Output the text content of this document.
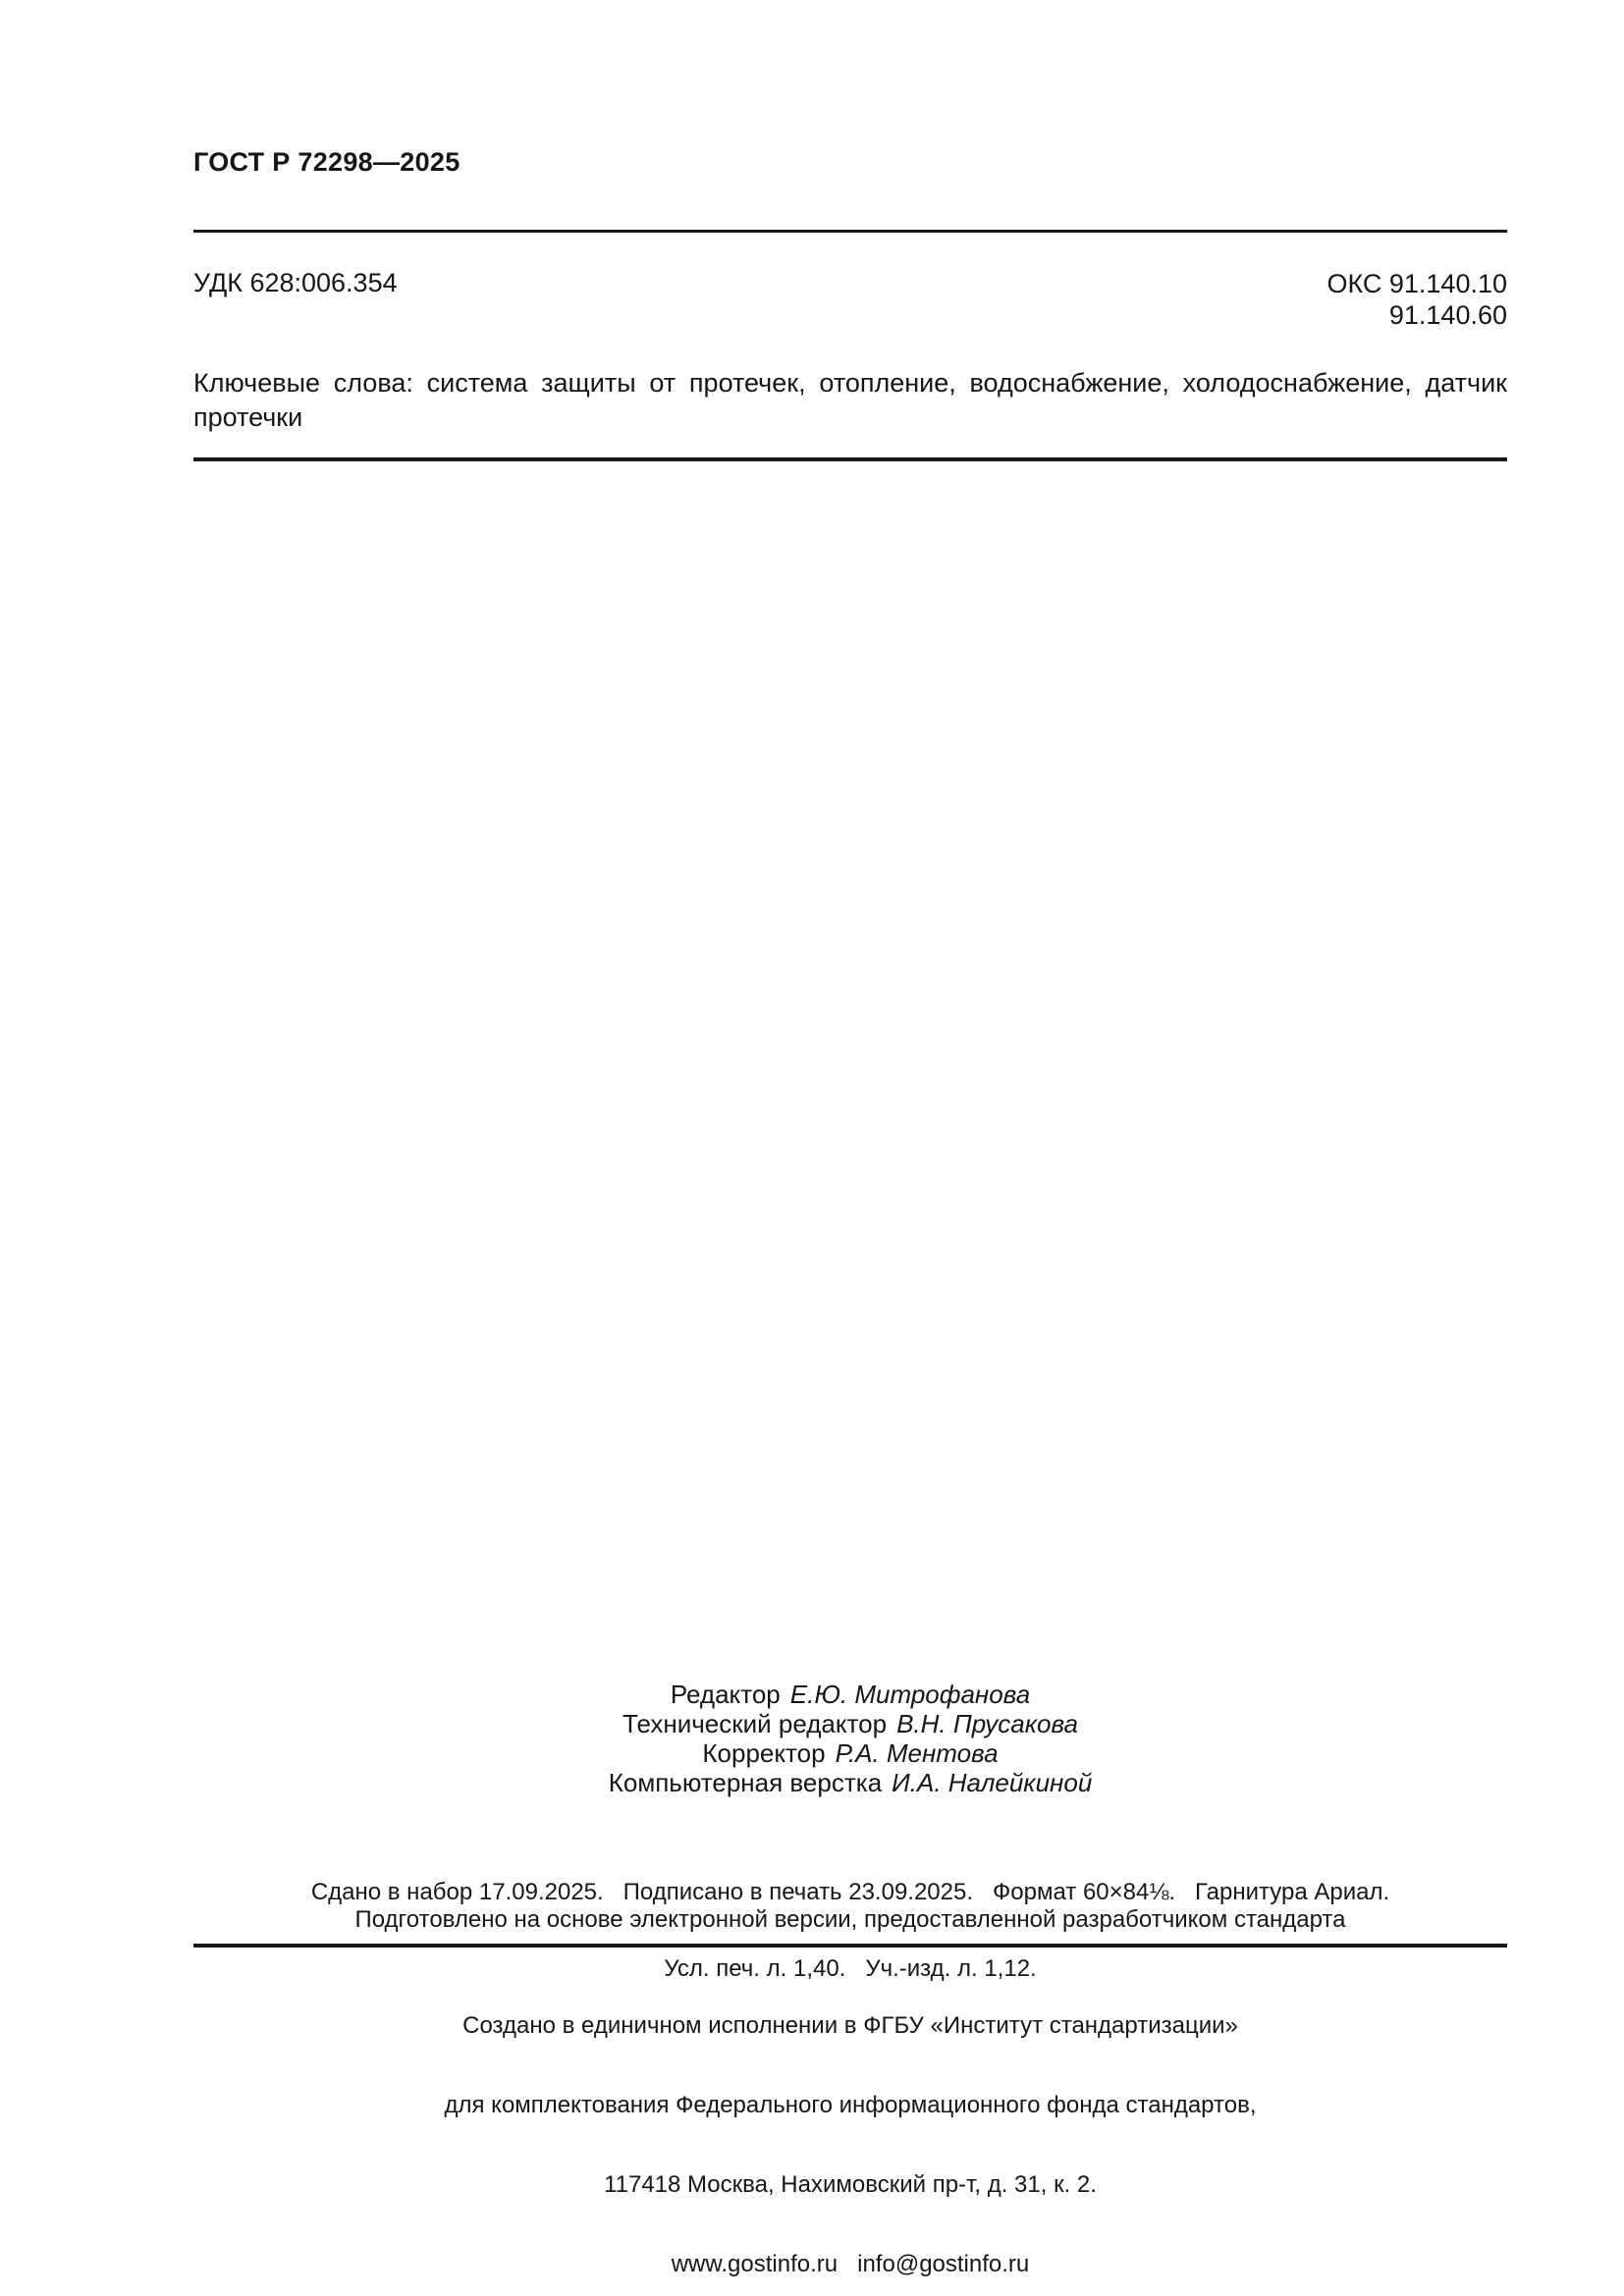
ГОСТ Р 72298—2025
УДК 628:006.354	ОКС 91.140.10
91.140.60
Ключевые слова: система защиты от протечек, отопление, водоснабжение, холодоснабжение, датчик протечки
Редактор Е.Ю. Митрофанова
Технический редактор В.Н. Прусакова
Корректор Р.А. Ментова
Компьютерная верстка И.А. Налейкиной

Сдано в набор 17.09.2025.   Подписано в печать 23.09.2025.   Формат 60×84⅛.   Гарнитура Ариал.

Усл. печ. л. 1,40.   Уч.-изд. л. 1,12.

Подготовлено на основе электронной версии, предоставленной разработчиком стандарта

Создано в единичном исполнении в ФГБУ «Институт стандартизации»

для комплектования Федерального информационного фонда стандартов,

117418 Москва, Нахимовский пр-т, д. 31, к. 2.

www.gostinfo.ru   info@gostinfo.ru
